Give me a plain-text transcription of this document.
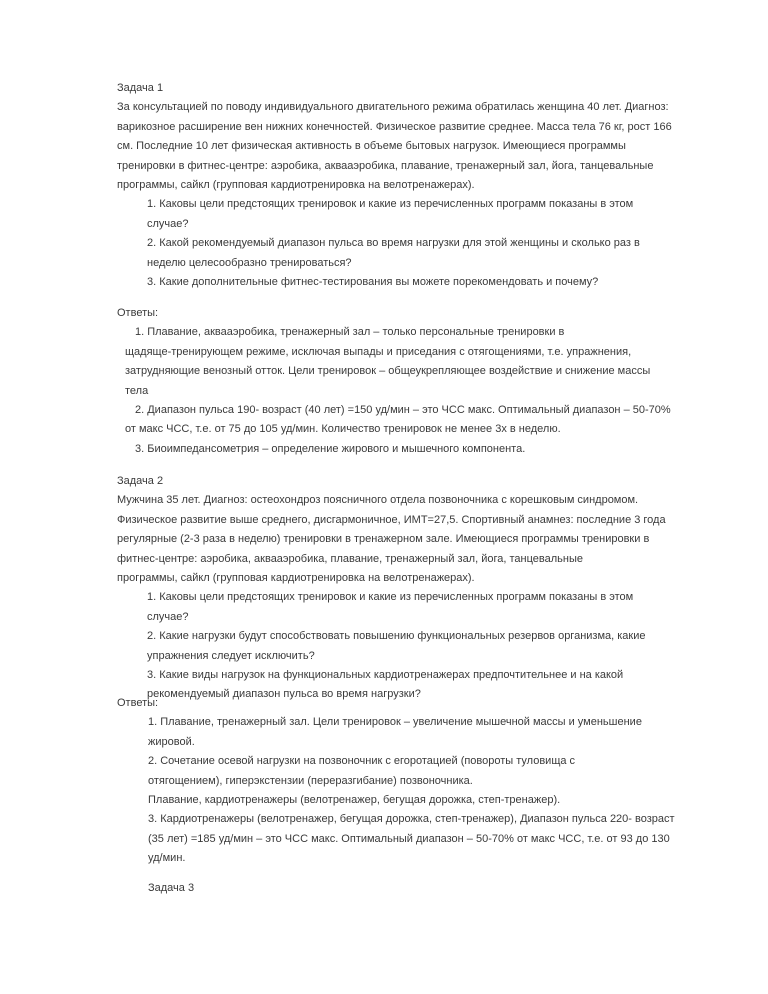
Задача 1
За консультацией по поводу индивидуального двигательного режима обратилась женщина 40 лет. Диагноз:
варикозное расширение вен нижних конечностей. Физическое развитие среднее. Масса тела 76 кг, рост 166
см. Последние 10 лет физическая активность в объеме бытовых нагрузок. Имеющиеся программы
тренировки в фитнес-центре: аэробика, аквааэробика, плавание, тренажерный зал, йога, танцевальные
программы, сайкл (групповая кардиотренировка на велотренажерах).
1. Каковы цели предстоящих тренировок и какие из перечисленных программ показаны в этом
случае?
2. Какой рекомендуемый диапазон пульса во время нагрузки для этой женщины и сколько раз в
неделю целесообразно тренироваться?
3. Какие дополнительные фитнес-тестирования вы можете порекомендовать и почему?
Ответы:
1. Плавание, аквааэробика, тренажерный зал – только персональные тренировки в
щадяще-тренирующем режиме, исключая выпады и приседания с отягощениями, т.е. упражнения,
затрудняющие венозный отток. Цели тренировок – общеукрепляющее воздействие и снижение массы
тела
2. Диапазон пульса 190- возраст (40 лет) =150 уд/мин – это ЧСС макс. Оптимальный диапазон – 50-70%
от макс ЧСС, т.е. от 75 до 105 уд/мин. Количество тренировок не менее 3х в неделю.
3. Биоимпедансометрия – определение жирового и мышечного компонента.
Задача 2
Мужчина 35 лет. Диагноз: остеохондроз поясничного отдела позвоночника с корешковым синдромом.
Физическое развитие выше среднего, дисгармоничное, ИМТ=27,5. Спортивный анамнез: последние 3 года
регулярные (2-3 раза в неделю) тренировки в тренажерном зале. Имеющиеся программы тренировки в
фитнес-центре: аэробика, аквааэробика, плавание, тренажерный зал, йога, танцевальные
программы, сайкл (групповая кардиотренировка на велотренажерах).
1. Каковы цели предстоящих тренировок и какие из перечисленных программ показаны в этом
случае?
2. Какие нагрузки будут способствовать повышению функциональных резервов организма, какие
упражнения следует исключить?
3. Какие виды нагрузок на функциональных кардиотренажерах предпочтительнее и на какой
рекомендуемый диапазон пульса во время нагрузки?
Ответы:
1. Плавание, тренажерный зал. Цели тренировок – увеличение мышечной массы и уменьшение
жировой.
2. Сочетание осевой нагрузки на позвоночник с егоротацией (повороты туловища с
отягощением), гиперэкстензии (переразгибание) позвоночника.
Плавание, кардиотренажеры (велотренажер, бегущая дорожка, степ-тренажер).
3. Кардиотренажеры (велотренажер, бегущая дорожка, степ-тренажер), Диапазон пульса 220- возраст
(35 лет) =185 уд/мин – это ЧСС макс. Оптимальный диапазон – 50-70% от макс ЧСС, т.е. от 93 до 130
уд/мин.
Задача 3
